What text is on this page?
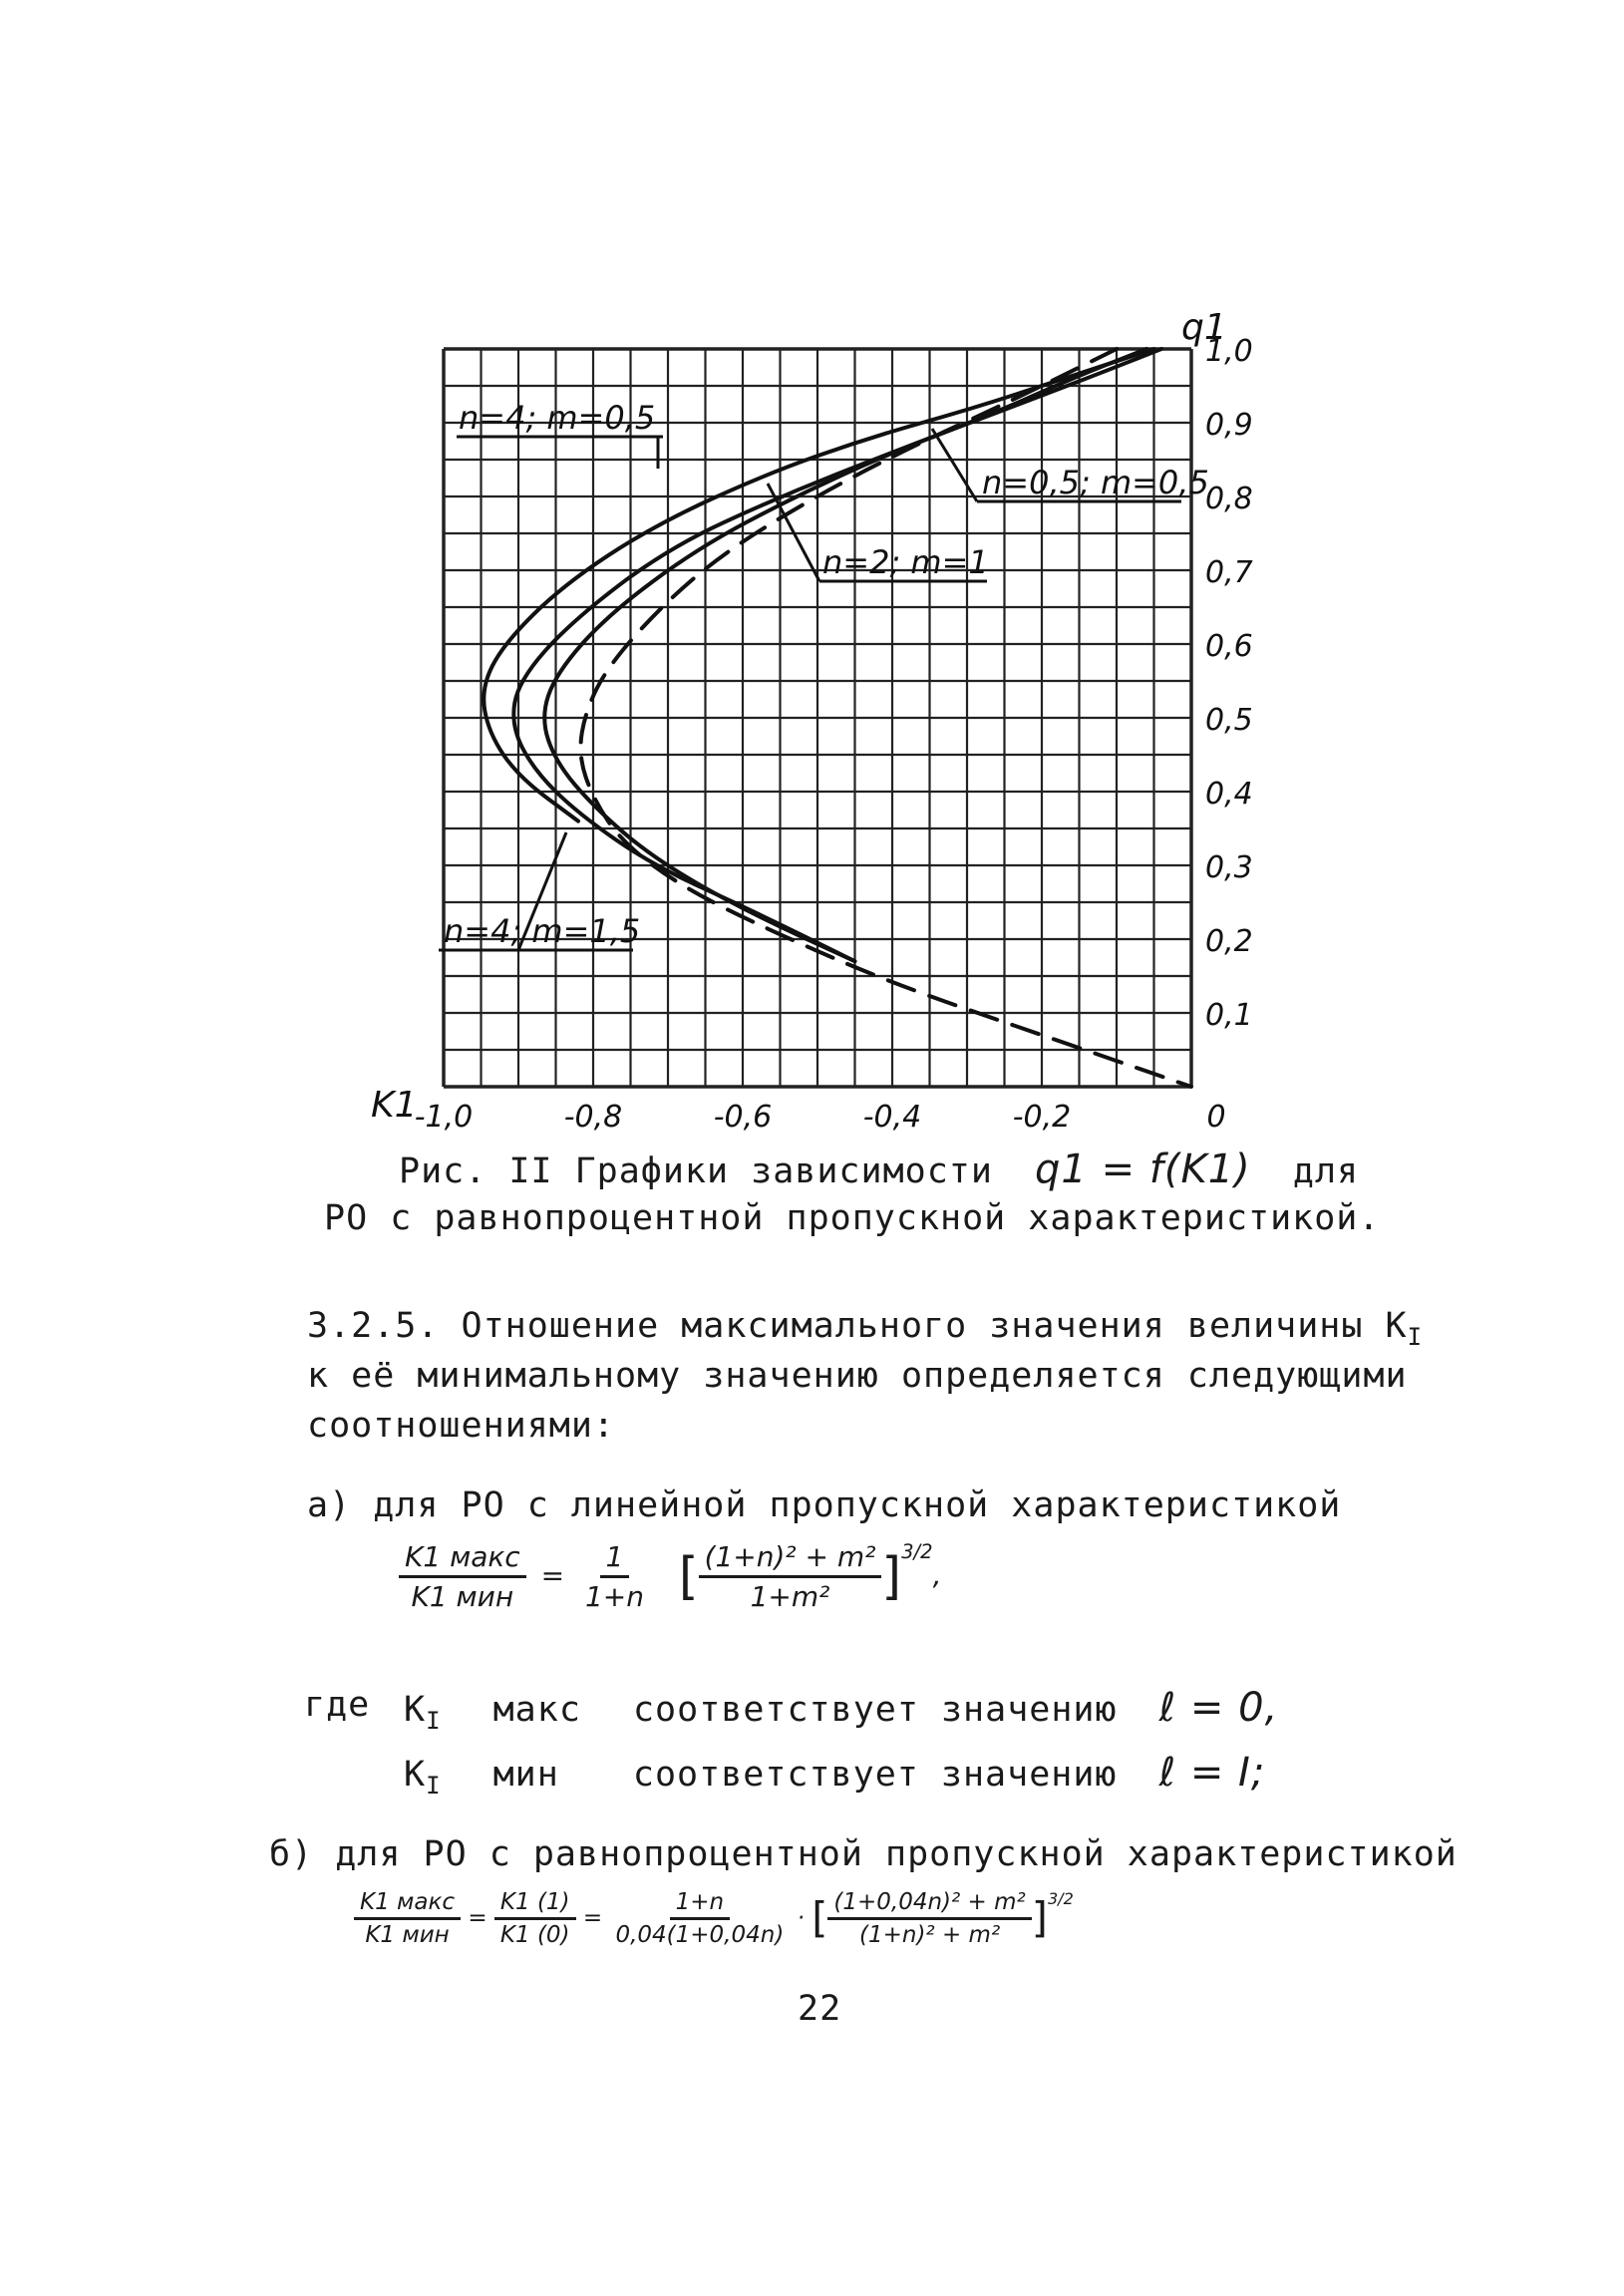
-1,0	-0,8	-0,6	-0,4	-0,2	0
0,1
0,2
0,3
0,4
0,5
0,6
0,7
0,8
0,9
1,0
K1
q1
n=4; m=0,5
n=0,5; m=0,5
n=2; m=1
n=4; m=1,5
Рис. II Графики зависимости q1 = f(K1) для
РО с равнопроцентной пропускной характеристикой.
3.2.5. Отношение максимального значения величины $K_I$
к её минимальному значению определяется следующими
соотношениями:
а) для РО с линейной пропускной характеристикой
$\frac{\text{K1 макс}}{\text{K1 мин}} = \frac{1}{1+n}$
[ $\frac{\text{(1+n)² + m²}}{\text{1+m²}}$ ] $^{3/2}$,
где $K_I$ макс соответствует значению ℓ = 0,
$K_I$ мин соответствует значению ℓ = I;
б) для РО с равнопроцентной пропускной характеристикой
$\frac{\text{K1 макс}}{\text{K1 мин}} = \frac{K1 (1)}{K1 (0)} = \frac{1+n}{0,04(1+0,04n)}$ · [ $\frac{\text{(1+0,04n)² + m²}}{\text{(1+n)² + m²}}$ ] $^{3/2}$
22
